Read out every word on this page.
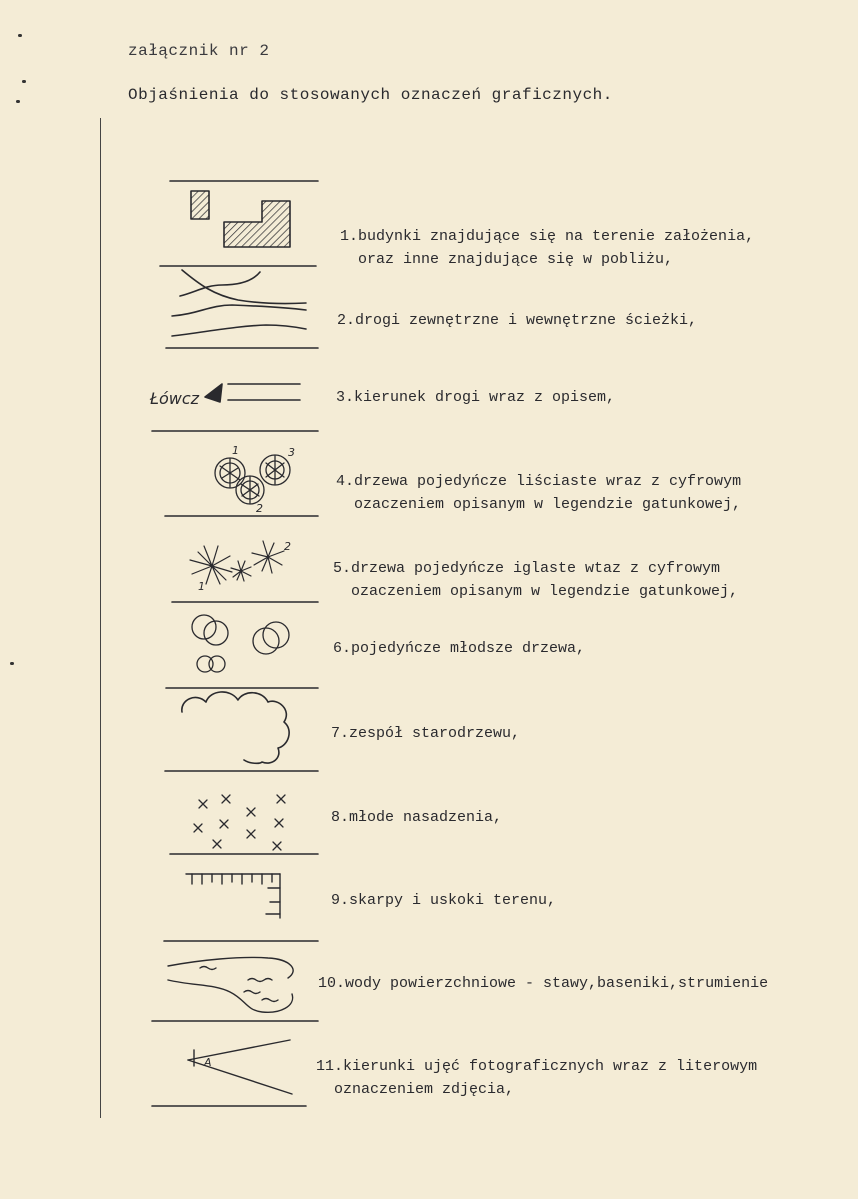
załącznik nr 2
Objaśnienia do stosowanych oznaczeń graficznych.
Łówcz
1
2
3
1
2
A
1.budynki znajdujące się na terenie założenia,
oraz inne znajdujące się w pobliżu,
2.drogi zewnętrzne i wewnętrzne ścieżki,
3.kierunek drogi wraz z opisem,
4.drzewa pojedyńcze liściaste wraz z cyfrowym
ozaczeniem opisanym w legendzie gatunkowej,
5.drzewa pojedyńcze iglaste wtaz z cyfrowym
ozaczeniem opisanym w legendzie gatunkowej,
6.pojedyńcze młodsze drzewa,
7.zespół starodrzewu,
8.młode nasadzenia,
9.skarpy i uskoki terenu,
10.wody powierzchniowe - stawy,baseniki,strumienie
11.kierunki ujęć fotograficznych wraz z literowym
oznaczeniem zdjęcia,
